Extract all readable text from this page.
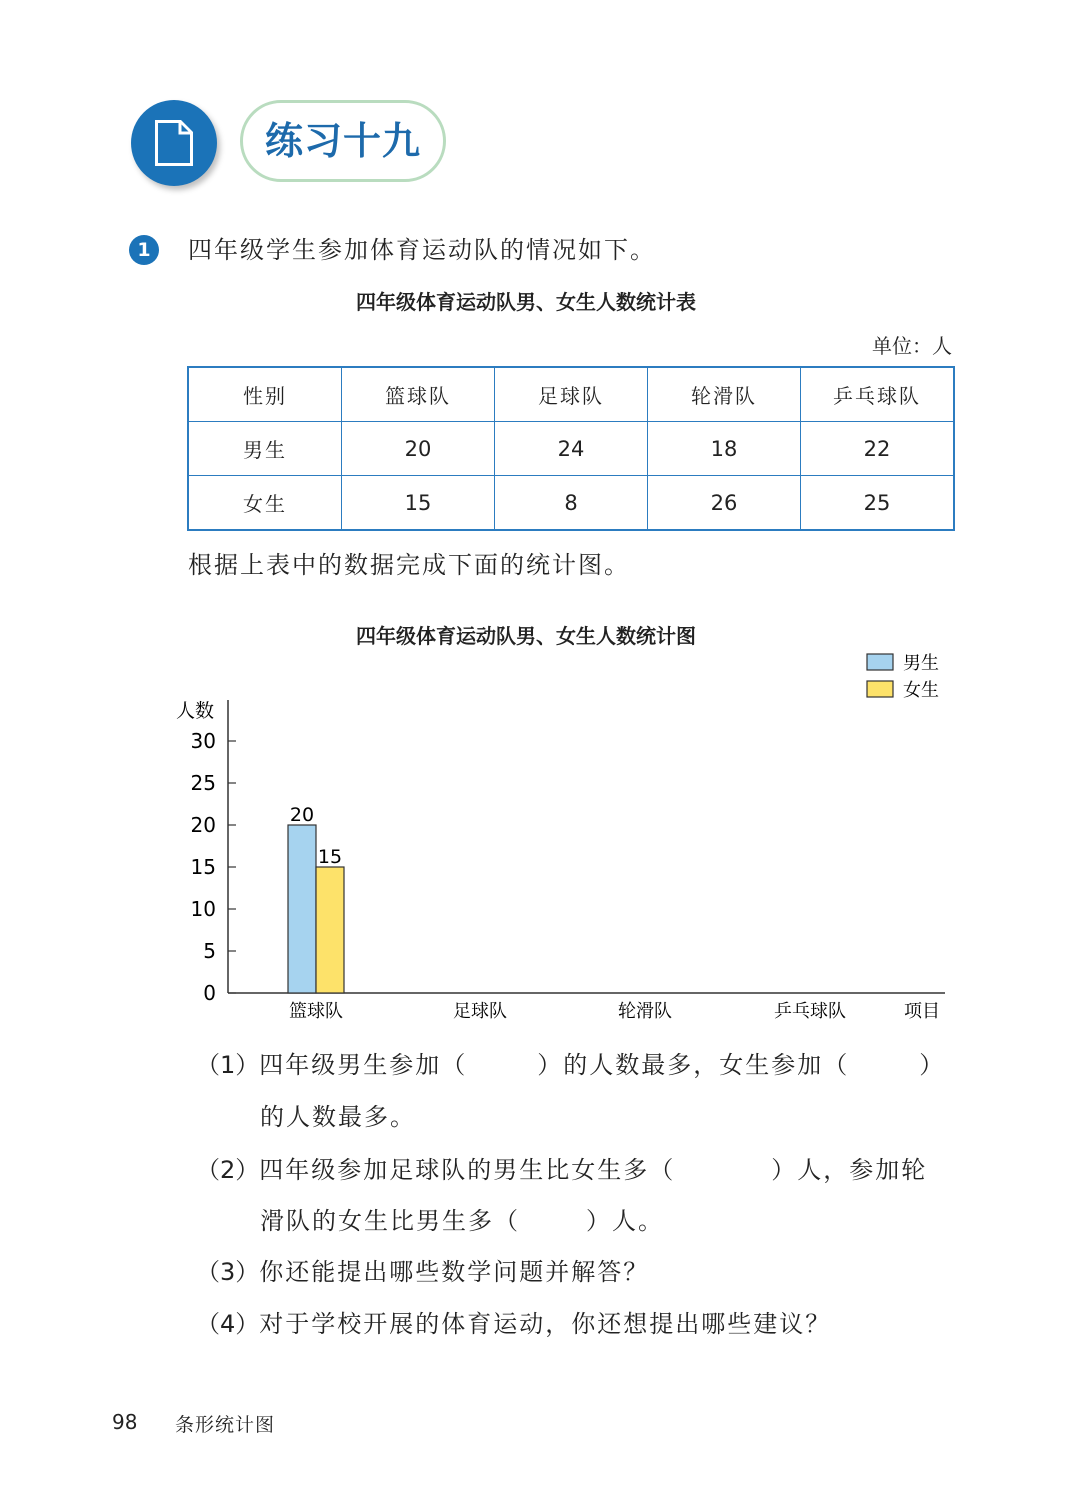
练习十九
1	四年级学生参加体育运动队的情况如下。
四年级体育运动队男、女生人数统计表
单位：人
性别	篮球队	足球队	轮滑队	乒乓球队
男生	20	24	18	22
女生	15	8	26	25
根据上表中的数据完成下面的统计图。
四年级体育运动队男、女生人数统计图
人数
0
5
10
15
20
25
30
篮球队	足球队	轮滑队	乒乓球队	项目
20
15
男生
女生
（1）四年级男生参加（	）的人数最多，女生参加（	）
的人数最多。
（2）四年级参加足球队的男生比女生多（	）人，参加轮
滑队的女生比男生多（	）人。
（3）你还能提出哪些数学问题并解答？
（4）对于学校开展的体育运动，你还想提出哪些建议？
98 条形统计图
